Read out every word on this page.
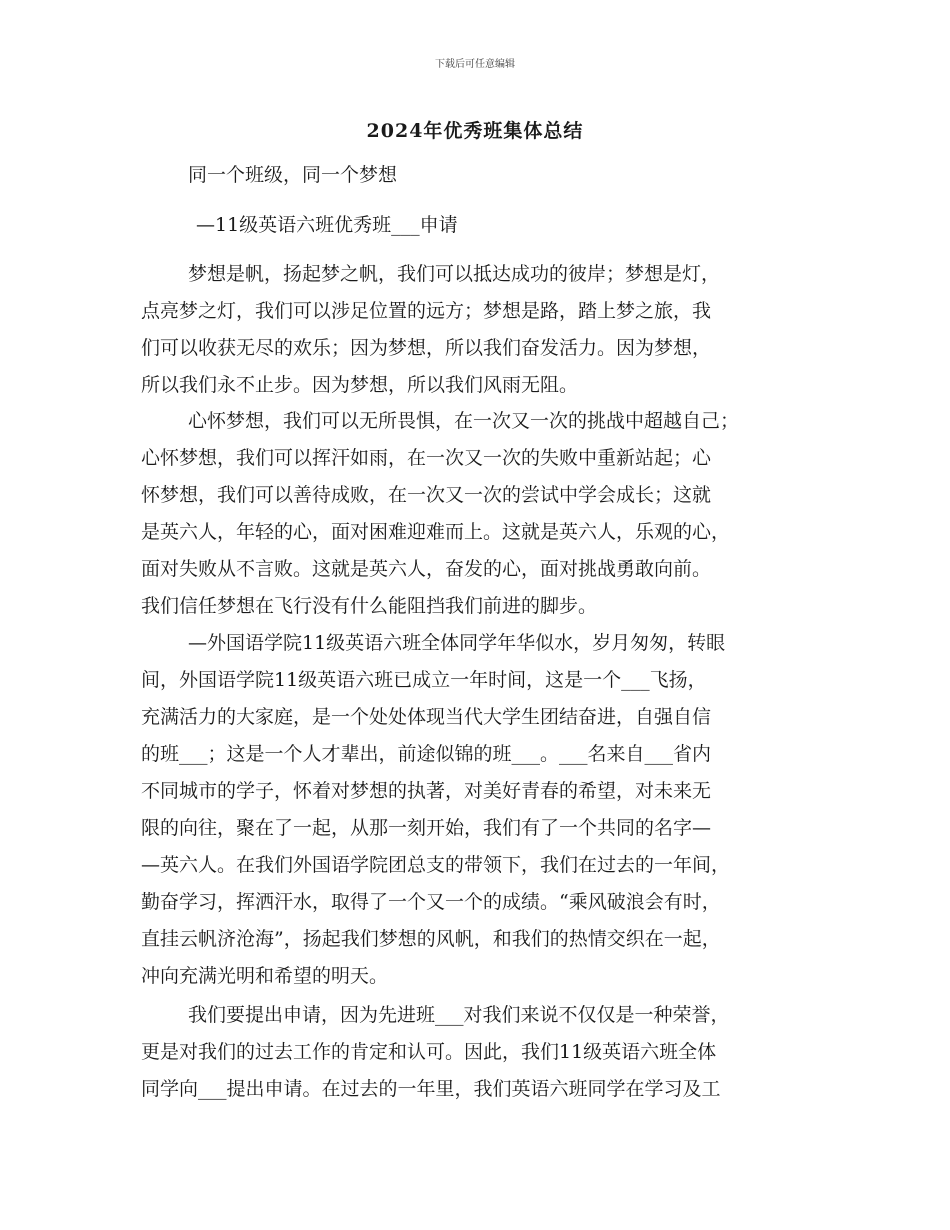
下载后可任意编辑
2024年优秀班集体总结
同一个班级，同一个梦想
—11级英语六班优秀班___申请
梦想是帆，扬起梦之帆，我们可以抵达成功的彼岸；梦想是灯，
点亮梦之灯，我们可以涉足位置的远方；梦想是路，踏上梦之旅，我
们可以收获无尽的欢乐；因为梦想，所以我们奋发活力。因为梦想，
所以我们永不止步。因为梦想，所以我们风雨无阻。
心怀梦想，我们可以无所畏惧，在一次又一次的挑战中超越自己；
心怀梦想，我们可以挥汗如雨，在一次又一次的失败中重新站起；心
怀梦想，我们可以善待成败，在一次又一次的尝试中学会成长；这就
是英六人，年轻的心，面对困难迎难而上。这就是英六人，乐观的心，
面对失败从不言败。这就是英六人，奋发的心，面对挑战勇敢向前。
我们信任梦想在飞行没有什么能阻挡我们前进的脚步。
—外国语学院11级英语六班全体同学年华似水，岁月匆匆，转眼
间，外国语学院11级英语六班已成立一年时间，这是一个___飞扬，
充满活力的大家庭，是一个处处体现当代大学生团结奋进，自强自信
的班___；这是一个人才辈出，前途似锦的班___。___名来自___省内
不同城市的学子，怀着对梦想的执著，对美好青春的希望，对未来无
限的向往，聚在了一起，从那一刻开始，我们有了一个共同的名字—
—英六人。在我们外国语学院团总支的带领下，我们在过去的一年间，
勤奋学习，挥洒汗水，取得了一个又一个的成绩。“乘风破浪会有时，
直挂云帆济沧海”，扬起我们梦想的风帆，和我们的热情交织在一起，
冲向充满光明和希望的明天。
我们要提出申请，因为先进班___对我们来说不仅仅是一种荣誉，
更是对我们的过去工作的肯定和认可。因此，我们11级英语六班全体
同学向___提出申请。在过去的一年里，我们英语六班同学在学习及工
